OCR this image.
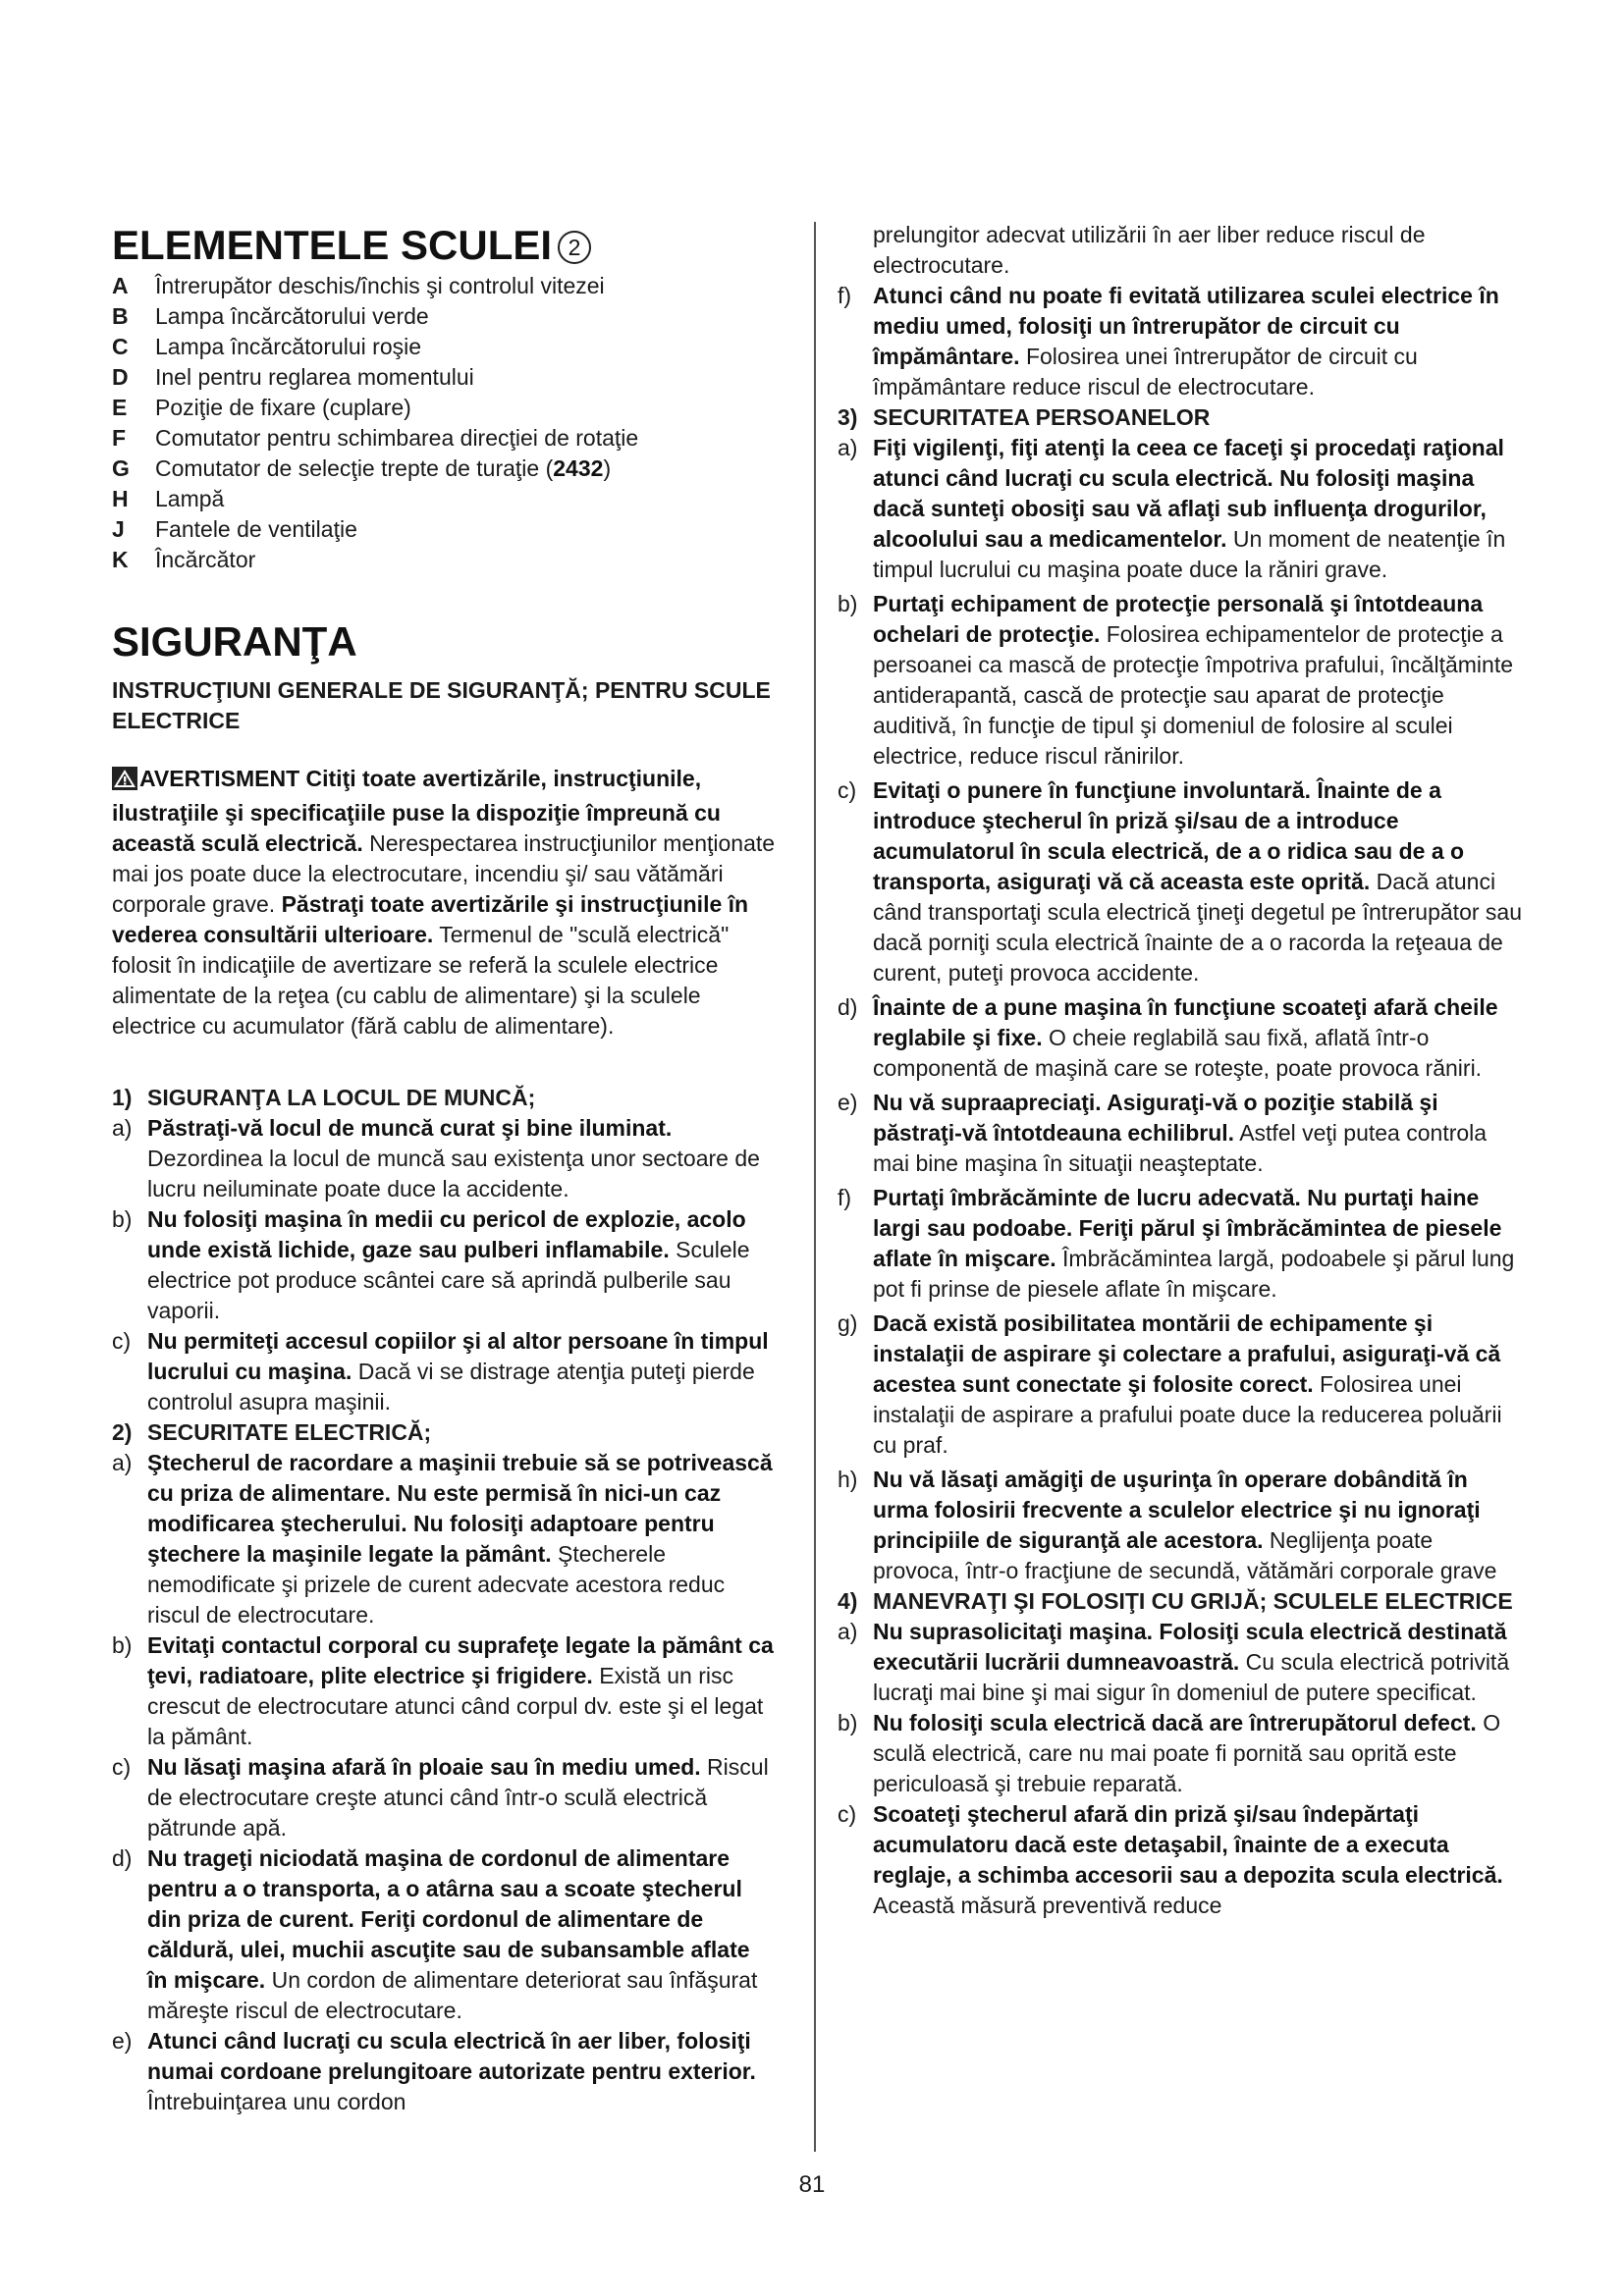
ELEMENTELE SCULEI 2
A	Întrerupător deschis/închis şi controlul vitezei
B	Lampa încărcătorului verde
C	Lampa încărcătorului roşie
D	Inel pentru reglarea momentului
E	Poziţie de fixare (cuplare)
F	Comutator pentru schimbarea direcţiei de rotaţie
G	Comutator de selecţie trepte de turaţie (2432)
H	Lampă
J	Fantele de ventilaţie
K	Încărcător
SIGURANŢA
INSTRUCŢIUNI GENERALE DE SIGURANŢĂ; PENTRU SCULE ELECTRICE
AVERTISMENT Citiţi toate avertizările, instrucţiunile, ilustraţiile şi specificaţiile puse la dispoziţie împreună cu această sculă electrică. Nerespectarea instrucţiunilor menţionate mai jos poate duce la electrocutare, incendiu şi/ sau vătămări corporale grave. Păstraţi toate avertizările şi instrucţiunile în vederea consultării ulterioare. Termenul de "sculă electrică" folosit în indicaţiile de avertizare se referă la sculele electrice alimentate de la reţea (cu cablu de alimentare) şi la sculele electrice cu acumulator (fără cablu de alimentare).
1) SIGURANŢA LA LOCUL DE MUNCĂ;
a) Păstraţi-vă locul de muncă curat şi bine iluminat. Dezordinea la locul de muncă sau existenţa unor sectoare de lucru neiluminate poate duce la accidente.
b) Nu folosiţi maşina în medii cu pericol de explozie, acolo unde există lichide, gaze sau pulberi inflamabile. Sculele electrice pot produce scântei care să aprindă pulberile sau vaporii.
c) Nu permiteţi accesul copiilor şi al altor persoane în timpul lucrului cu maşina. Dacă vi se distrage atenţia puteţi pierde controlul asupra maşinii.
2) SECURITATE ELECTRICĂ;
a) Ştecherul de racordare a maşinii trebuie să se potrivească cu priza de alimentare. Nu este permisă în nici-un caz modificarea ştecherului. Nu folosiţi adaptoare pentru ştechere la maşinile legate la pământ. Ştecherele nemodificate şi prizele de curent adecvate acestora reduc riscul de electrocutare.
b) Evitaţi contactul corporal cu suprafeţe legate la pământ ca ţevi, radiatoare, plite electrice şi frigidere. Există un risc crescut de electrocutare atunci când corpul dv. este şi el legat la pământ.
c) Nu lăsaţi maşina afară în ploaie sau în mediu umed. Riscul de electrocutare creşte atunci când într-o sculă electrică pătrunde apă.
d) Nu trageţi niciodată maşina de cordonul de alimentare pentru a o transporta, a o atârna sau a scoate ştecherul din priza de curent. Feriţi cordonul de alimentare de căldură, ulei, muchii ascuţite sau de subansamble aflate în mişcare. Un cordon de alimentare deteriorat sau înfăşurat măreşte riscul de electrocutare.
e) Atunci când lucraţi cu scula electrică în aer liber, folosiţi numai cordoane prelungitoare autorizate pentru exterior. Întrebuinţarea unu cordon
prelungitor adecvat utilizării în aer liber reduce riscul de electrocutare.
f) Atunci când nu poate fi evitată utilizarea sculei electrice în mediu umed, folosiţi un întrerupător de circuit cu împământare. Folosirea unei întrerupător de circuit cu împământare reduce riscul de electrocutare.
3) SECURITATEA PERSOANELOR
a) Fiţi vigilenţi, fiţi atenţi la ceea ce faceţi şi procedaţi raţional atunci când lucraţi cu scula electrică. Nu folosiţi maşina dacă sunteţi obosiţi sau vă aflaţi sub influenţa drogurilor, alcoolului sau a medicamentelor. Un moment de neatenţie în timpul lucrului cu maşina poate duce la răniri grave.
b) Purtaţi echipament de protecţie personală şi întotdeauna ochelari de protecţie. Folosirea echipamentelor de protecţie a persoanei ca mască de protecţie împotriva prafului, încălţăminte antiderapantă, cască de protecţie sau aparat de protecţie auditivă, în funcţie de tipul şi domeniul de folosire al sculei electrice, reduce riscul rănirilor.
c) Evitaţi o punere în funcţiune involuntară. Înainte de a introduce ştecherul în priză şi/sau de a introduce acumulatorul în scula electrică, de a o ridica sau de a o transporta, asiguraţi vă că aceasta este oprită. Dacă atunci când transportaţi scula electrică ţineţi degetul pe întrerupător sau dacă porniţi scula electrică înainte de a o racorda la reţeaua de curent, puteţi provoca accidente.
d) Înainte de a pune maşina în funcţiune scoateţi afară cheile reglabile şi fixe. O cheie reglabilă sau fixă, aflată într-o componentă de maşină care se roteşte, poate provoca răniri.
e) Nu vă supraapreciaţi. Asiguraţi-vă o poziţie stabilă şi păstraţi-vă întotdeauna echilibrul. Astfel veţi putea controla mai bine maşina în situaţii neaşteptate.
f) Purtaţi îmbrăcăminte de lucru adecvată. Nu purtaţi haine largi sau podoabe. Feriţi părul şi îmbrăcămintea de piesele aflate în mişcare. Îmbrăcămintea largă, podoabele şi părul lung pot fi prinse de piesele aflate în mişcare.
g) Dacă există posibilitatea montării de echipamente şi instalaţii de aspirare şi colectare a prafului, asiguraţi-vă că acestea sunt conectate şi folosite corect. Folosirea unei instalaţii de aspirare a prafului poate duce la reducerea poluării cu praf.
h) Nu vă lăsaţi amăgiţi de uşurinţa în operare dobândită în urma folosirii frecvente a sculelor electrice şi nu ignoraţi principiile de siguranţă ale acestora. Neglijenţa poate provoca, într-o fracţiune de secundă, vătămări corporale grave
4) MANEVRAŢI ŞI FOLOSIŢI CU GRIJĂ; SCULELE ELECTRICE
a) Nu suprasolicitaţi maşina. Folosiţi scula electrică destinată executării lucrării dumneavoastră. Cu scula electrică potrivită lucraţi mai bine şi mai sigur în domeniul de putere specificat.
b) Nu folosiţi scula electrică dacă are întrerupătorul defect. O sculă electrică, care nu mai poate fi pornită sau oprită este periculoasă şi trebuie reparată.
c) Scoateţi ştecherul afară din priză şi/sau îndepărtaţi acumulatoru dacă este detaşabil, înainte de a executa reglaje, a schimba accesorii sau a depozita scula electrică. Această măsură preventivă reduce
81
